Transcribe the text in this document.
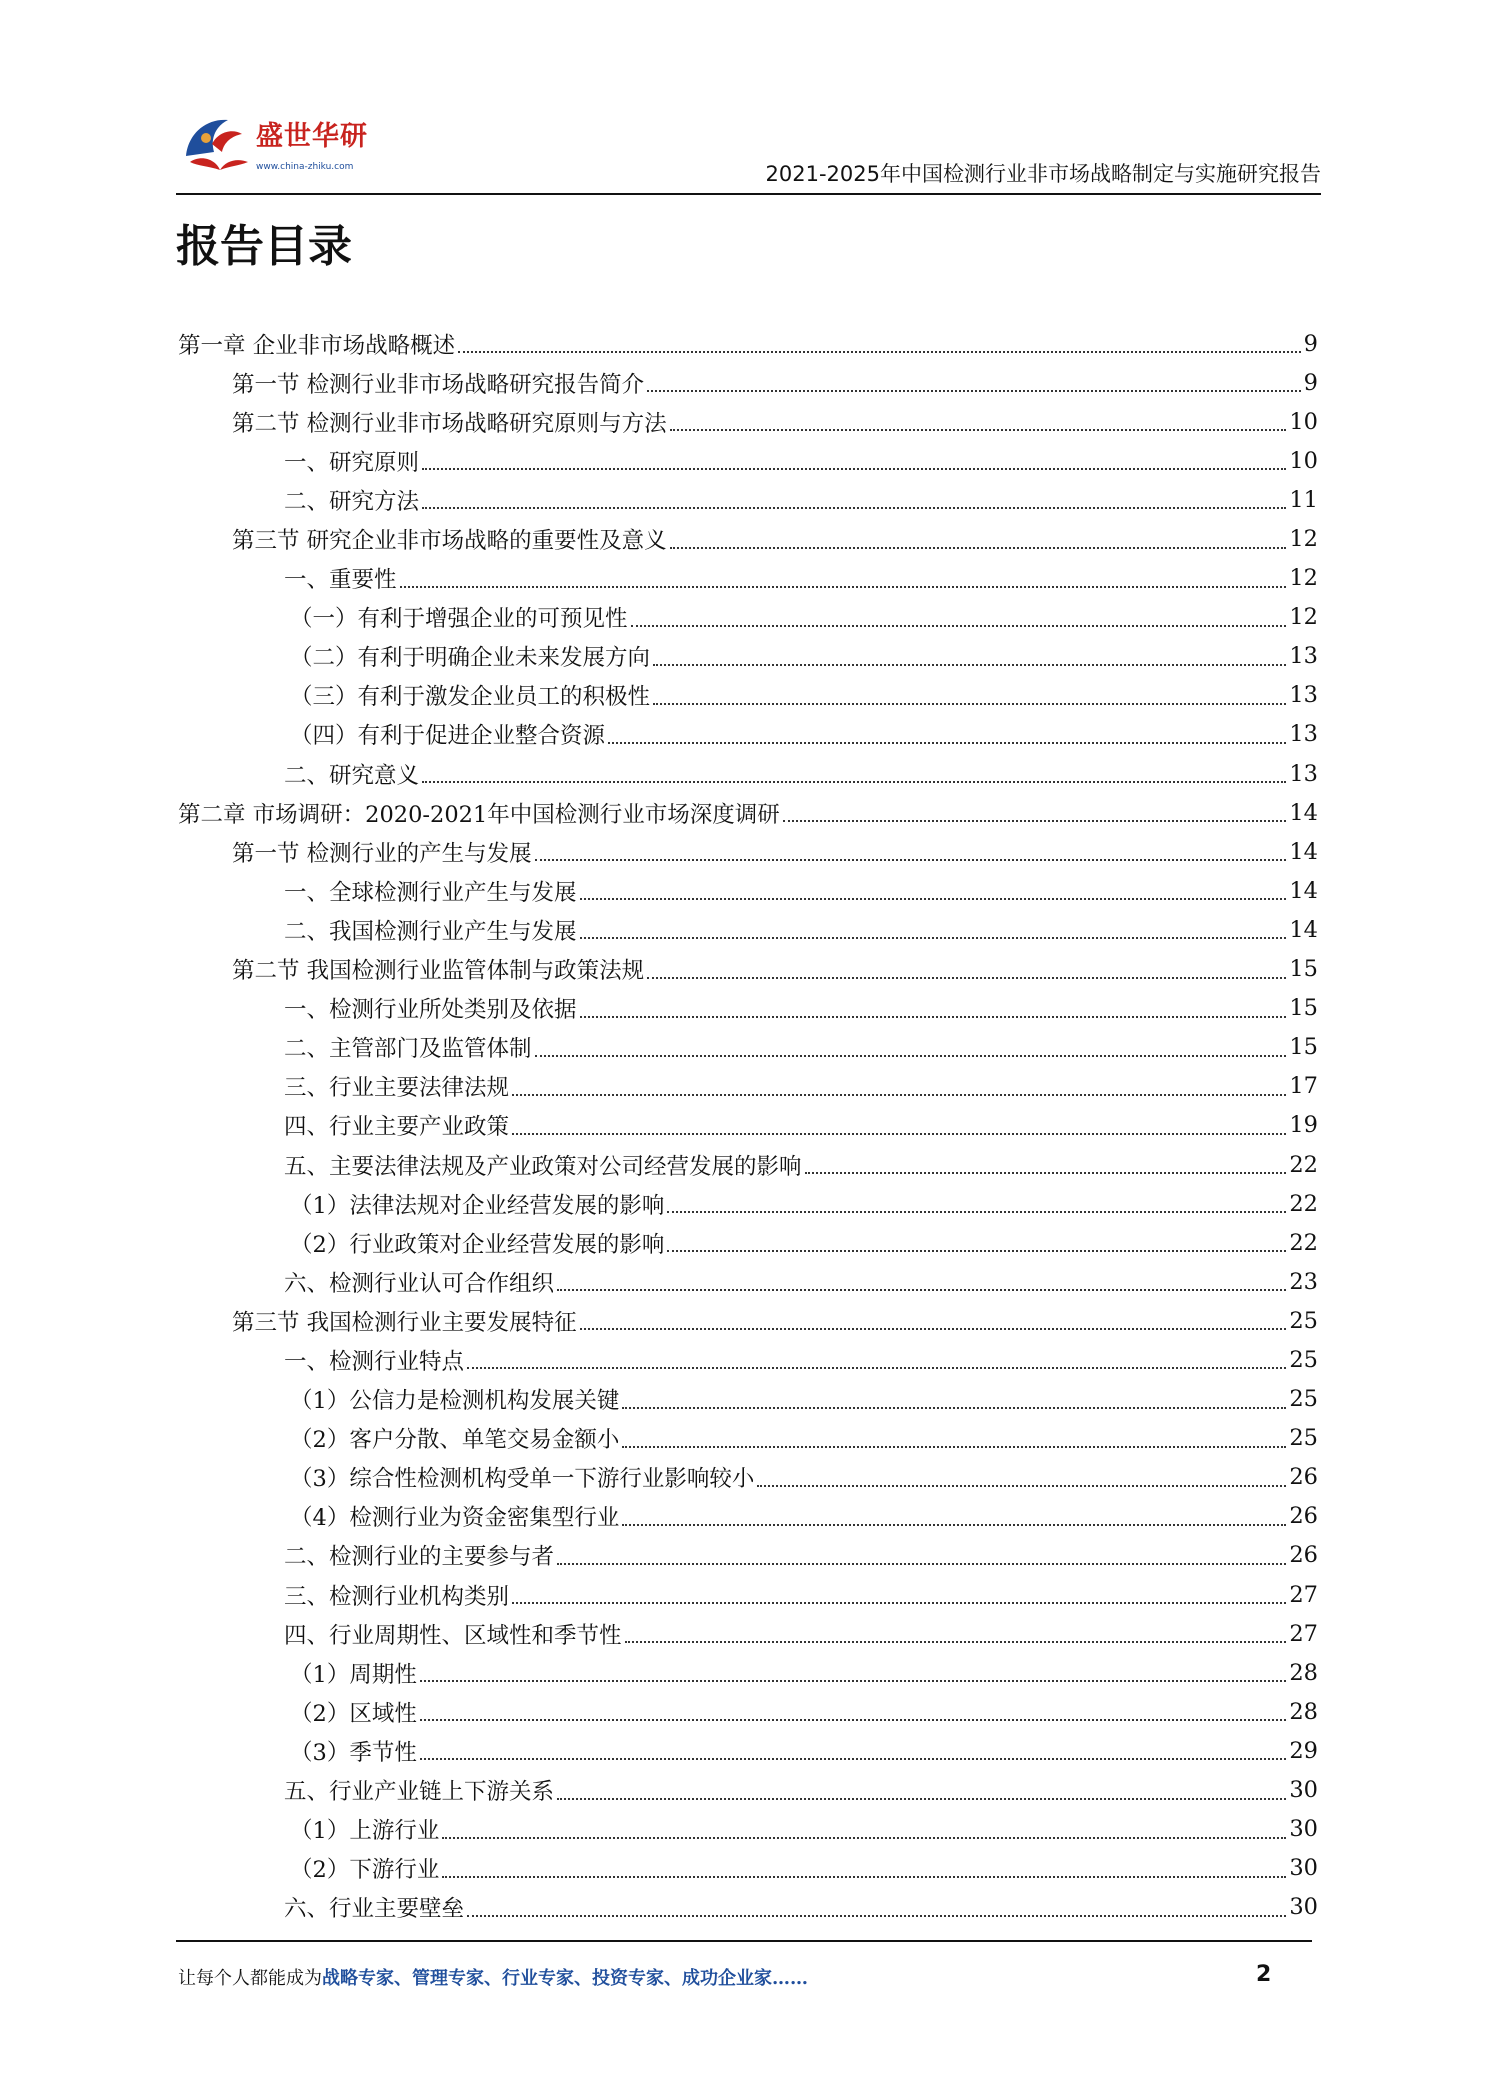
盛世华研
www.china-zhiku.com	2021-2025年中国检测行业非市场战略制定与实施研究报告
报告目录
第一章 企业非市场战略概述	9
第一节 检测行业非市场战略研究报告简介	9
第二节 检测行业非市场战略研究原则与方法	10
一、研究原则	10
二、研究方法	11
第三节 研究企业非市场战略的重要性及意义	12
一、重要性	12
（一）有利于增强企业的可预见性	12
（二）有利于明确企业未来发展方向	13
（三）有利于激发企业员工的积极性	13
（四）有利于促进企业整合资源	13
二、研究意义	13
第二章 市场调研：2020-2021年中国检测行业市场深度调研	14
第一节 检测行业的产生与发展	14
一、全球检测行业产生与发展	14
二、我国检测行业产生与发展	14
第二节 我国检测行业监管体制与政策法规	15
一、检测行业所处类别及依据	15
二、主管部门及监管体制	15
三、行业主要法律法规	17
四、行业主要产业政策	19
五、主要法律法规及产业政策对公司经营发展的影响	22
（1）法律法规对企业经营发展的影响	22
（2）行业政策对企业经营发展的影响	22
六、检测行业认可合作组织	23
第三节 我国检测行业主要发展特征	25
一、检测行业特点	25
（1）公信力是检测机构发展关键	25
（2）客户分散、单笔交易金额小	25
（3）综合性检测机构受单一下游行业影响较小	26
（4）检测行业为资金密集型行业	26
二、检测行业的主要参与者	26
三、检测行业机构类别	27
四、行业周期性、区域性和季节性	27
（1）周期性	28
（2）区域性	28
（3）季节性	29
五、行业产业链上下游关系	30
（1）上游行业	30
（2）下游行业	30
六、行业主要壁垒	30
让每个人都能成为战略专家、管理专家、行业专家、投资专家、成功企业家……	2
